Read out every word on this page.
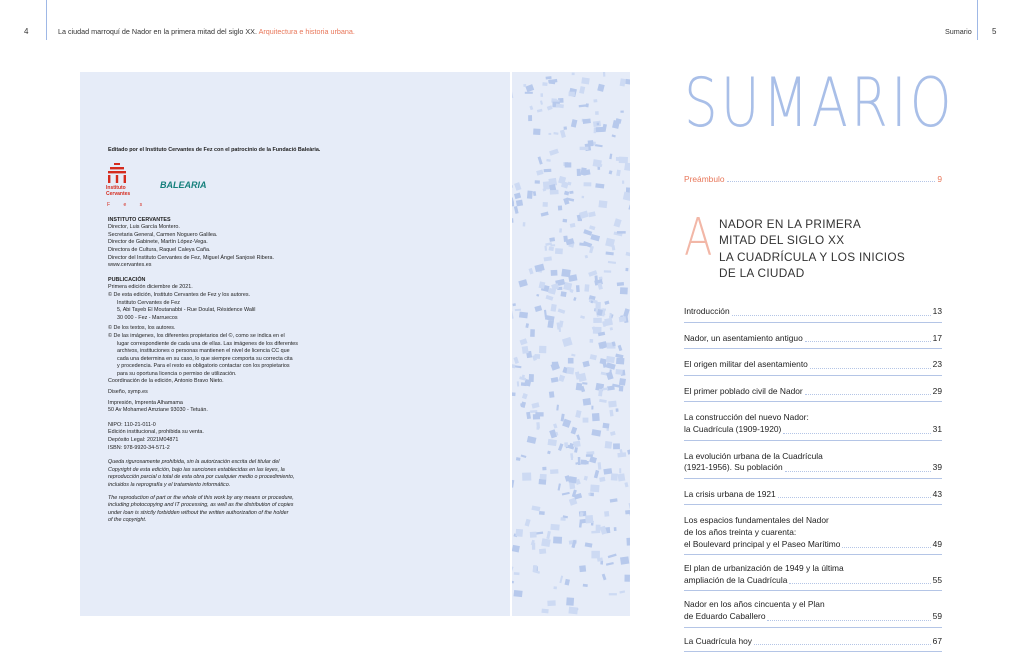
4	La ciudad marroquí de Nador en la primera mitad del siglo XX. Arquitectura e historia urbana.	Sumario	5
Instituto
Cervantes
F e s
BALEARIA

Editado por el Instituto Cervantes de Fez con el patrocinio de la Fundació Baleària.

INSTITUTO CERVANTES

Director, Luis García Montero.

Secretaria General, Carmen Noguero Galilea.

Director de Gabinete, Martín López-Vega.

Directora de Cultura, Raquel Caleya Caña.

Director del Instituto Cervantes de Fez, Miguel Ángel Sanjosé Ribera.

www.cervantes.es

PUBLICACIÓN

Primera edición diciembre de 2021.

© De esta edición, Instituto Cervantes de Fez y los autores.

Instituto Cervantes de Fez

5, Abi Tayeb El Moutanabbi - Rue Doulat, Résidence Walil

30 000 - Fez - Marruecos

© De los textos, los autores.

© De las imágenes, los diferentes propietarios del ©, como se indica en el

lugar correspondiente de cada una de ellas. Las imágenes de los diferentes

archivos, instituciones o personas mantienen el nivel de licencia CC que

cada una determina en su caso, lo que siempre comporta su correcta cita

y procedencia. Para el resto es obligatorio contactar con los propietarios

para su oportuna licencia o permiso de utilización.

Coordinación de la edición, Antonio Bravo Nieto.

Diseño, symp.es

Impresión, Imprenta Alhamama

50 Av Mohamed Amziane 93030 - Tetuán.

NIPO: 110-21-011-0

Edición institucional, prohibida su venta.

Depósito Legal: 2021M04871

ISBN: 978-9920-34-571-2

Queda rigurosamente prohibida, sin la autorización escrita del titular del

Copyright de esta edición, bajo las sanciones establecidas en las leyes, la

reproducción parcial o total de esta obra por cualquier medio o procedimiento,

incluidos la reprografía y el tratamiento informático.

The reproduction of part or the whole of this work by any means or procedure,

including photocopying and IT processing, as well as the distribution of copies

under loan is strictly forbidden without the written authorization of the holder

of the copyright.

SUMARIO
Preámbulo	9
A NADOR EN LA PRIMERA
MITAD DEL SIGLO XX
LA CUADRÍCULA Y LOS INICIOS
DE LA CIUDAD
Introducción	13
Nador, un asentamiento antiguo	17
El origen militar del asentamiento	23
El primer poblado civil de Nador	29
La construcción del nuevo Nador:
la Cuadrícula (1909-1920)	31
La evolución urbana de la Cuadrícula
(1921-1956). Su población	39
La crisis urbana de 1921	43
Los espacios fundamentales del Nador
de los años treinta y cuarenta:
el Boulevard principal y el Paseo Marítimo	49
El plan de urbanización de 1949 y la última
ampliación de la Cuadrícula	55
Nador en los años cincuenta y el Plan
de Eduardo Caballero	59
La Cuadrícula hoy	67
